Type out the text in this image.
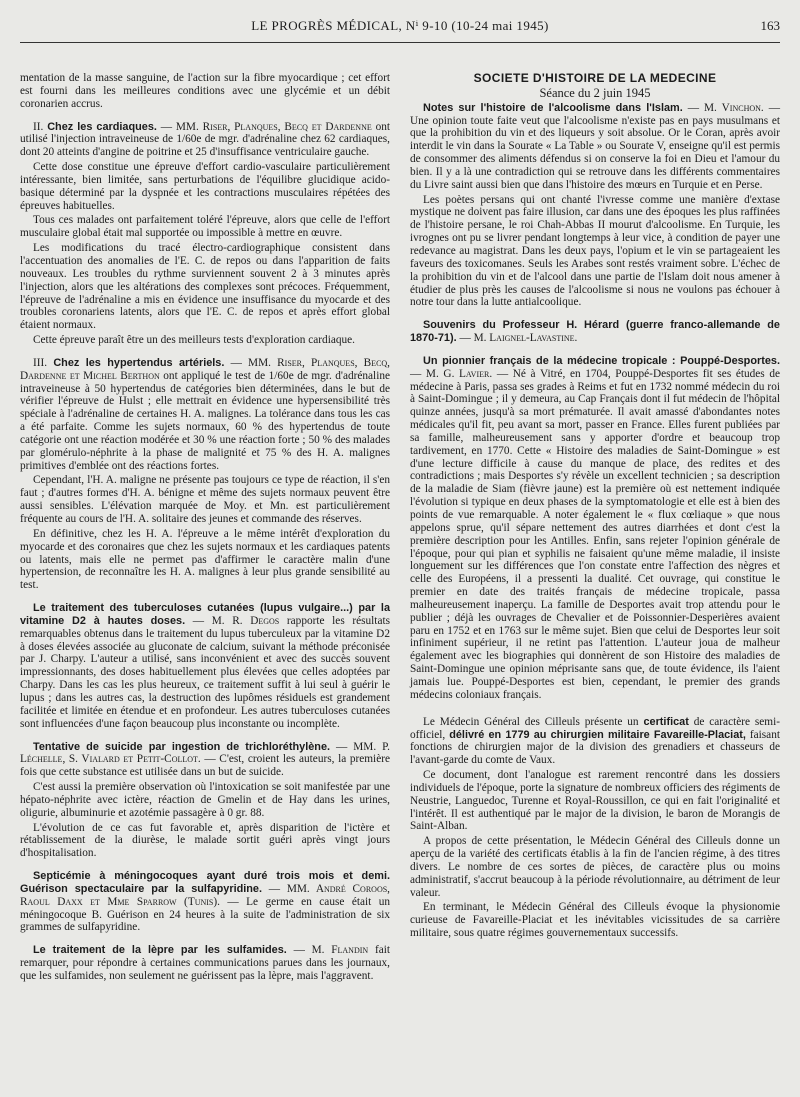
LE PROGRÈS MÉDICAL, Nⁱ 9-10 (10-24 mai 1945)	163

mentation de la masse sanguine, de l'action sur la fibre myocardique ; cet effort est fourni dans les meilleures conditions avec une glycémie et un débit coronarien accrus.

II. Chez les cardiaques. — MM. Riser, Planques, Becq et Dardenne ont utilisé l'injection intraveineuse de 1/60e de mgr. d'adrénaline chez 62 cardiaques, dont 20 atteints d'angine de poitrine et 25 d'insuffisance ventriculaire gauche.

Cette dose constitue une épreuve d'effort cardio-vasculaire particulièrement intéressante, bien limitée, sans perturbations de l'équilibre glucidique acido-basique déterminé par la dyspnée et les contractions musculaires répétées des épreuves habituelles.

Tous ces malades ont parfaitement toléré l'épreuve, alors que celle de l'effort musculaire global était mal supportée ou impossible à mettre en œuvre.

Les modifications du tracé électro-cardiographique consistent dans l'accentuation des anomalies de l'E. C. de repos ou dans l'apparition de faits nouveaux. Les troubles du rythme surviennent souvent 2 à 3 minutes après l'injection, alors que les altérations des complexes sont précoces. Fréquemment, l'épreuve de l'adrénaline a mis en évidence une insuffisance du myocarde et des troubles coronariens latents, alors que l'E. C. de repos et après effort global étaient normaux.

Cette épreuve paraît être un des meilleurs tests d'exploration cardiaque.

III. Chez les hypertendus artériels. — MM. Riser, Planques, Becq, Dardenne et Michel Berthon ont appliqué le test de 1/60e de mgr. d'adrénaline intraveineuse à 50 hypertendus de catégories bien déterminées, dans le but de vérifier l'épreuve de Hulst ; elle mettrait en évidence une hypersensibilité très spéciale à l'adrénaline de certaines H. A. malignes. La tolérance dans tous les cas a été parfaite. Comme les sujets normaux, 60 % des hypertendus de toute catégorie ont une réaction modérée et 30 % une réaction forte ; 50 % des malades par glomérulo-néphrite à la phase de malignité et 75 % des H. A. malignes primitives d'emblée ont des réactions fortes.

Cependant, l'H. A. maligne ne présente pas toujours ce type de réaction, il s'en faut ; d'autres formes d'H. A. bénigne et même des sujets normaux peuvent être aussi sensibles. L'élévation marquée de Moy. et Mn. est particulièrement fréquente au cours de l'H. A. solitaire des jeunes et commande des réserves.

En définitive, chez les H. A. l'épreuve a le même intérêt d'exploration du myocarde et des coronaires que chez les sujets normaux et les cardiaques patents ou latents, mais elle ne permet pas d'affirmer le caractère malin d'une hypertension, de reconnaître les H. A. malignes à leur plus grande sensibilité au test.

Le traitement des tuberculoses cutanées (lupus vulgaire...) par la vitamine D2 à hautes doses. — M. R. Degos rapporte les résultats remarquables obtenus dans le traitement du lupus tuberculeux par la vitamine D2 à doses élevées associée au gluconate de calcium, suivant la méthode préconisée par J. Charpy. L'auteur a utilisé, sans inconvénient et avec des succès souvent impressionnants, des doses habituellement plus élevées que celles adoptées par Charpy. Dans les cas les plus heureux, ce traitement suffit à lui seul à guérir le lupus ; dans les autres cas, la destruction des lupômes résiduels est grandement facilitée et limitée en étendue et en profondeur. Les autres tuberculoses cutanées sont influencées d'une façon beaucoup plus inconstante ou incomplète.

Tentative de suicide par ingestion de trichloréthylène. — MM. P. Léchelle, S. Vialard et Petit-Collot. — C'est, croient les auteurs, la première fois que cette substance est utilisée dans un but de suicide.

C'est aussi la première observation où l'intoxication se soit manifestée par une hépato-néphrite avec ictère, réaction de Gmelin et de Hay dans les urines, oligurie, albuminurie et azotémie passagère à 0 gr. 88.

L'évolution de ce cas fut favorable et, après disparition de l'ictère et rétablissement de la diurèse, le malade sortit guéri après vingt jours d'hospitalisation.

Septicémie à méningocoques ayant duré trois mois et demi. Guérison spectaculaire par la sulfapyridine. — MM. André Coroos, Raoul Daxx et Mme Sparrow (Tunis). — Le germe en cause était un méningocoque B. Guérison en 24 heures à la suite de l'administration de six grammes de sulfapyridine.

Le traitement de la lèpre par les sulfamides. — M. Flandin fait remarquer, pour répondre à certaines communications parues dans les journaux, que les sulfamides, non seulement ne guérissent pas la lèpre, mais l'aggravent.

SOCIETE D'HISTOIRE DE LA MEDECINE

Séance du 2 juin 1945

Notes sur l'histoire de l'alcoolisme dans l'Islam. — M. Vinchon. — Une opinion toute faite veut que l'alcoolisme n'existe pas en pays musulmans et que la prohibition du vin et des liqueurs y soit absolue. Or le Coran, après avoir interdit le vin dans la Sourate « La Table » ou Sourate V, enseigne qu'il est permis de consommer des aliments défendus si on conserve la foi en Dieu et l'amour du bien. Il y a là une contradiction qui se retrouve dans les différents commentaires du Livre saint aussi bien que dans l'histoire des mœurs en Turquie et en Perse.

Les poètes persans qui ont chanté l'ivresse comme une manière d'extase mystique ne doivent pas faire illusion, car dans une des époques les plus raffinées de l'histoire persane, le roi Chah-Abbas II mourut d'alcoolisme. En Turquie, les ivrognes ont pu se livrer pendant longtemps à leur vice, à condition de payer une redevance au magistrat. Dans les deux pays, l'opium et le vin se partageaient les faveurs des toxicomanes. Seuls les Arabes sont restés vraiment sobre. L'échec de la prohibition du vin et de l'alcool dans une partie de l'Islam doit nous amener à étudier de plus près les causes de l'alcoolisme si nous ne voulons pas échouer à notre tour dans la lutte antialcoolique.

Souvenirs du Professeur H. Hérard (guerre franco-allemande de 1870-71). — M. Laignel-Lavastine.

Un pionnier français de la médecine tropicale : Pouppé-Desportes. — M. G. Lavier. — Né à Vitré, en 1704, Pouppé-Desportes fit ses études de médecine à Paris, passa ses grades à Reims et fut en 1732 nommé médecin du roi à Saint-Domingue ; il y demeura, au Cap Français dont il fut médecin de l'hôpital quinze années, jusqu'à sa mort prématurée. Il avait amassé d'abondantes notes médicales qu'il fit, peu avant sa mort, passer en France. Elles furent publiées par sa famille, malheureusement sans y apporter d'ordre et beaucoup trop tardivement, en 1770. Cette « Histoire des maladies de Saint-Domingue » est d'une lecture difficile à cause du manque de place, des redites et des contradictions ; mais Desportes s'y révèle un excellent technicien ; sa description de la maladie de Siam (fièvre jaune) est la première où est nettement indiquée l'évolution si typique en deux phases de la symptomatologie et elle est à bien des points de vue remarquable. A noter également le « flux cœliaque » que nous appelons sprue, qu'il sépare nettement des autres diarrhées et dont c'est la première description pour les Antilles. Enfin, sans rejeter l'opinion générale de l'époque, pour qui pian et syphilis ne faisaient qu'une même maladie, il insiste longuement sur les différences que l'on constate entre l'affection des nègres et celle des Européens, il a pressenti la dualité. Cet ouvrage, qui constitue le premier en date des traités français de médecine tropicale, passa malheureusement inaperçu. La famille de Desportes avait trop attendu pour le publier ; déjà les ouvrages de Chevalier et de Poissonnier-Desperières avaient paru en 1752 et en 1763 sur le même sujet. Bien que celui de Desportes leur soit infiniment supérieur, il ne retint pas l'attention. L'auteur joua de malheur également avec les biographies qui donnèrent de son Histoire des maladies de Saint-Domingue une opinion méprisante sans que, de toute évidence, ils l'aient jamais lue. Pouppé-Desportes est bien, cependant, le premier des grands médecins coloniaux français.

Le Médecin Général des Cilleuls présente un certificat de caractère semi-officiel, délivré en 1779 au chirurgien militaire Favareille-Placiat, faisant fonctions de chirurgien major de la division des grenadiers et chasseurs de l'avant-garde du comte de Vaux.

Ce document, dont l'analogue est rarement rencontré dans les dossiers individuels de l'époque, porte la signature de nombreux officiers des régiments de Neustrie, Languedoc, Turenne et Royal-Roussillon, ce qui en fait l'originalité et l'intérêt. Il est authentiqué par le major de la division, le baron de Morangis de Saint-Alban.

A propos de cette présentation, le Médecin Général des Cilleuls donne un aperçu de la variété des certificats établis à la fin de l'ancien régime, à des titres divers. Le nombre de ces sortes de pièces, de caractère plus ou moins administratif, s'accrut beaucoup à la période révolutionnaire, au détriment de leur valeur.

En terminant, le Médecin Général des Cilleuls évoque la physionomie curieuse de Favareille-Placiat et les inévitables vicissitudes de sa carrière militaire, sous quatre régimes gouvernementaux successifs.
